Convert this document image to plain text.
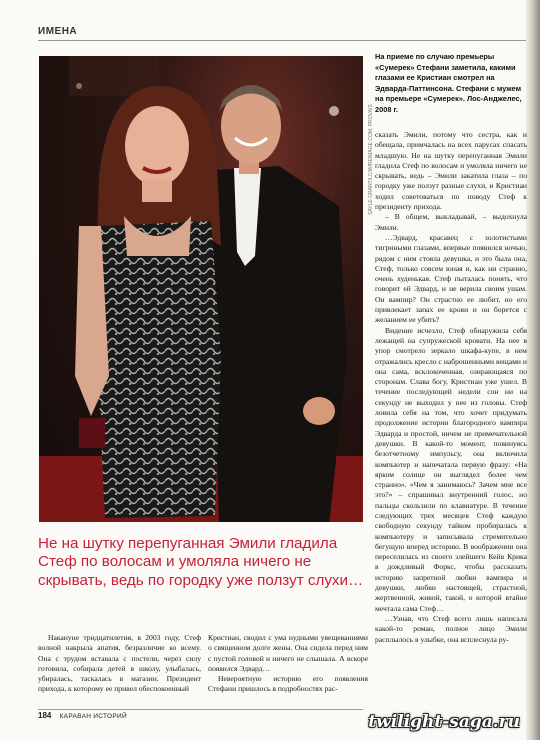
ИМЕНА
SAYLE GRANT/LC/WIREIMAGE.COM; PROVAIS
На приеме по случаю премьеры «Сумерек» Стефани заметила, какими глазами ее Кристиан смотрел на Эдварда-Паттинсона. Стефани с мужем на премьере «Сумерек». Лос-Анджелес, 2008 г.

сказать Эмили, потому что сестра, как и обещала, примчалась на всех парусах спасать младшую. Не на шутку перепуганная Эмили гладила Стеф по волосам и умоляла ничего не скрывать, ведь – Эмили закатила глаза – по городку уже ползут разные слухи, и Кристиан ходил советоваться по поводу Стеф к президенту прихода.

– В общем, выкладывай, – выдохнула Эмили.

…Эдвард, красавец с золотистыми тигриными глазами, впервые появился ночью, рядом с ним стояла девушка, и это была она, Стеф, только совсем юная и, как ни странно, очень худенькая. Стеф пыталась понять, что говорит ей Эдвард, и не верила своим ушам. Он вампир? Он страстно ее любит, но его привлекает запах ее крови и он борется с желанием ее убить?

Видение исчезло, Стеф обнаружила себя лежащей на супружеской кровати. На нее в упор смотрело зеркало шкафа-купе, в нем отражались кресло с наброшенными вещами и она сама, всклокоченная, озирающаяся по сторонам. Слава богу, Кристиан уже ушел. В течение последующей недели сон ни на секунду не выходил у нее из головы. Стеф ловила себя на том, что хочет придумать продолжение истории благородного вампира Эдварда и простой, ничем не примечательной девушки. В какой-то момент, повинуясь безотчетному импульсу, она включила компьютер и напечатала первую фразу: «На ярком солнце он выглядел более чем странно». «Чем я занимаюсь? Зачем мне все это?» – спрашивал внутренний голос, но пальцы скользили по клавиатуре. В течение следующих трех месяцев Стеф каждую свободную секунду тайком пробиралась к компьютеру и записывала стремительно бегущую вперед историю. В воображении она переселилась из своего злейшего Кейв Крика в дождливый Форкс, чтобы рассказать историю запретной любви вампира и девушки, любви настоящей, страстной, жертвенной, живой, такой, о которой втайне мечтала сама Стеф…

…Узнав, что Стеф всего лишь написала какой-то роман, полное лицо Эмили расплылось в улыбке, она всплеснула ру-

Не на шутку перепуганная Эмили гладила Стеф по волосам и умоляла ничего не скрывать, ведь по городку уже ползут слухи…

Накануне тридцатилетия, в 2003 году, Стеф волной накрыла апатия, безразличие ко всему. Она с трудом вставала с постели, через силу готовила, собирала детей в школу, улыбалась, убиралась, таскалась в магазин. Президент прихода, к которому ее привел обеспокоенный

Кристиан, сводил с ума нудными увещеваниями о священном долге жены. Она сидела перед ним с пустой головой и ничего не слышала. А вскоре появился Эдвард…

Невероятную историю его появления Стефани пришлось в подробностях рас-

184 КАРАВАН ИСТОРИЙ	twilight-saga.ru
